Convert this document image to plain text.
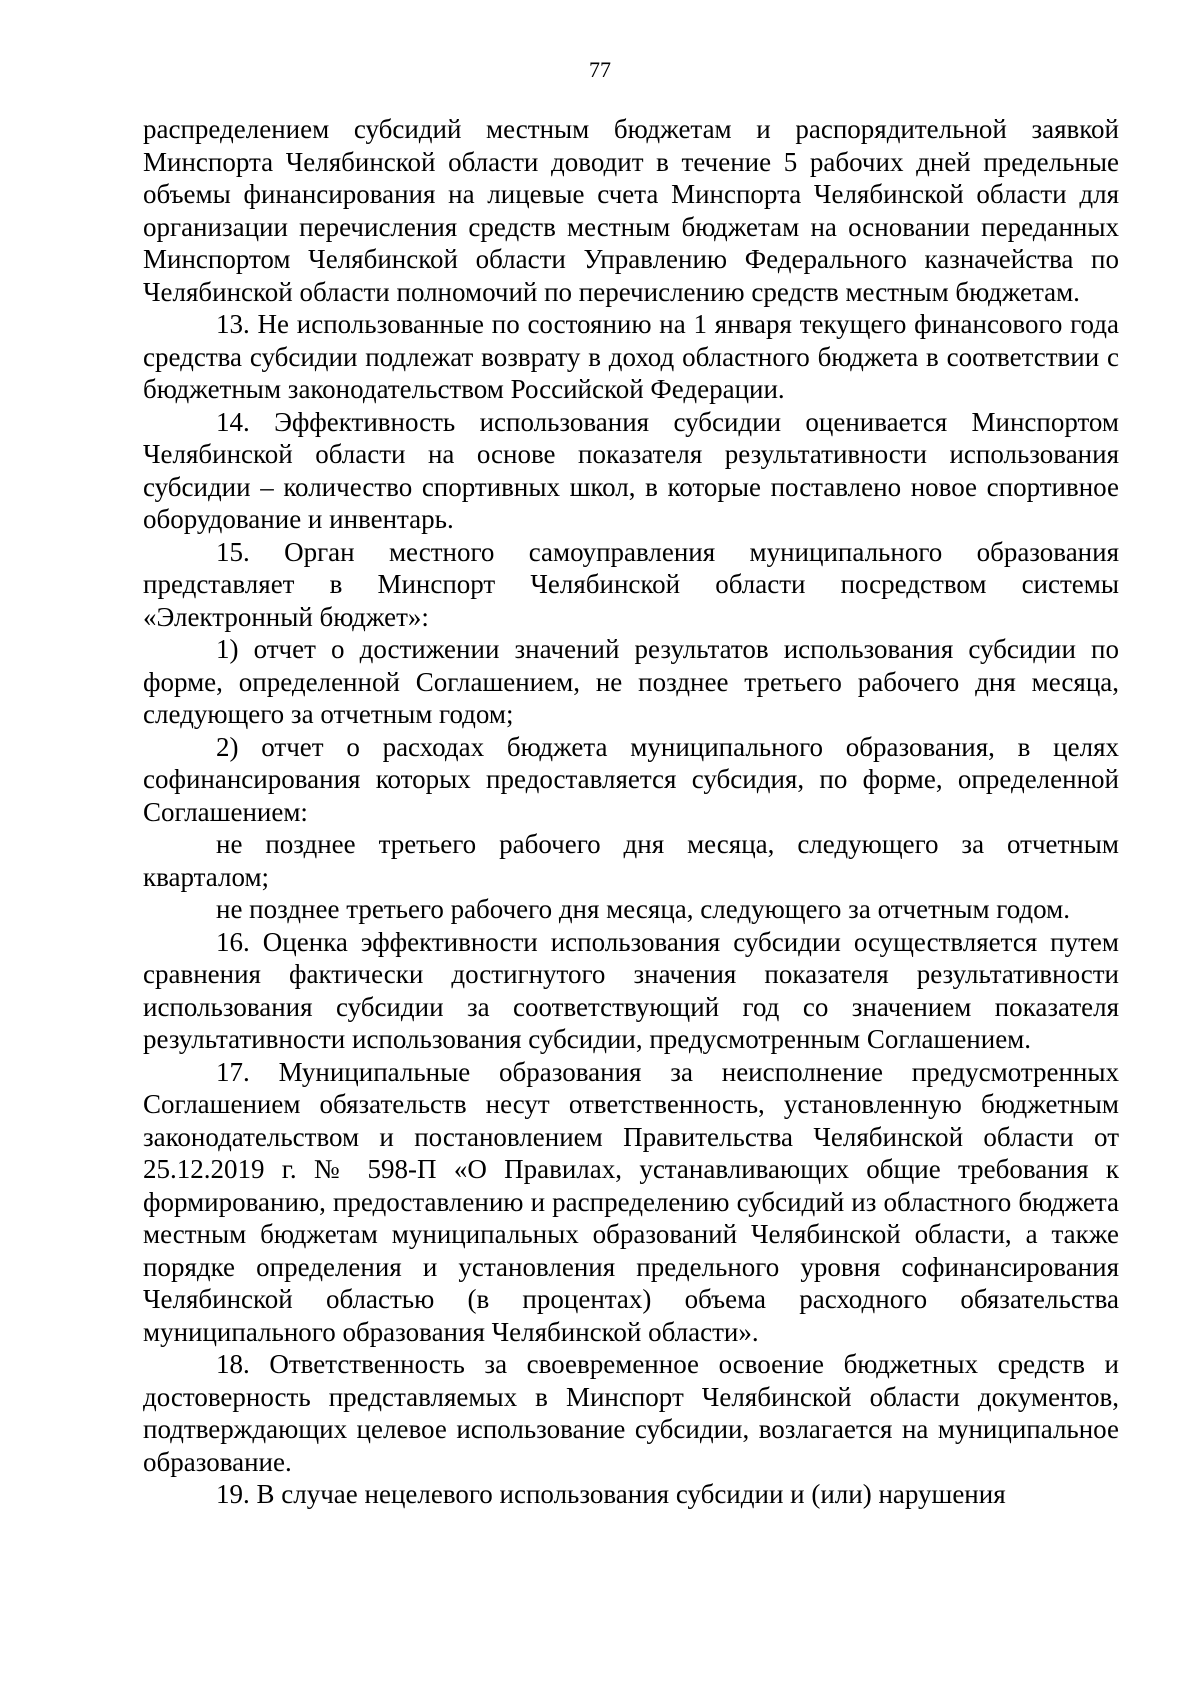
77

распределением субсидий местным бюджетам и распорядительной заявкой Минспорта Челябинской области доводит в течение 5 рабочих дней предельные объемы финансирования на лицевые счета Минспорта Челябинской области для организации перечисления средств местным бюджетам на основании переданных Минспортом Челябинской области Управлению Федерального казначейства по Челябинской области полномочий по перечислению средств местным бюджетам.

13. Не использованные по состоянию на 1 января текущего финансового года средства субсидии подлежат возврату в доход областного бюджета в соответствии с бюджетным законодательством Российской Федерации.

14. Эффективность использования субсидии оценивается Минспортом Челябинской области на основе показателя результативности использования субсидии – количество спортивных школ, в которые поставлено новое спортивное оборудование и инвентарь.

15. Орган местного самоуправления муниципального образования представляет в Минспорт Челябинской области посредством системы «Электронный бюджет»:

1) отчет о достижении значений результатов использования субсидии по форме, определенной Соглашением, не позднее третьего рабочего дня месяца, следующего за отчетным годом;

2) отчет о расходах бюджета муниципального образования, в целях софинансирования которых предоставляется субсидия, по форме, определенной Соглашением:

не позднее третьего рабочего дня месяца, следующего за отчетным кварталом;

не позднее третьего рабочего дня месяца, следующего за отчетным годом.

16. Оценка эффективности использования субсидии осуществляется путем сравнения фактически достигнутого значения показателя результативности использования субсидии за соответствующий год со значением показателя результативности использования субсидии, предусмотренным Соглашением.

17. Муниципальные образования за неисполнение предусмотренных Соглашением обязательств несут ответственность, установленную бюджетным законодательством и постановлением Правительства Челябинской области от 25.12.2019 г. № 598-П «О Правилах, устанавливающих общие требования к формированию, предоставлению и распределению субсидий из областного бюджета местным бюджетам муниципальных образований Челябинской области, а также порядке определения и установления предельного уровня софинансирования Челябинской областью (в процентах) объема расходного обязательства муниципального образования Челябинской области».

18. Ответственность за своевременное освоение бюджетных средств и достоверность представляемых в Минспорт Челябинской области документов, подтверждающих целевое использование субсидии, возлагается на муниципальное образование.

19. В случае нецелевого использования субсидии и (или) нарушения
